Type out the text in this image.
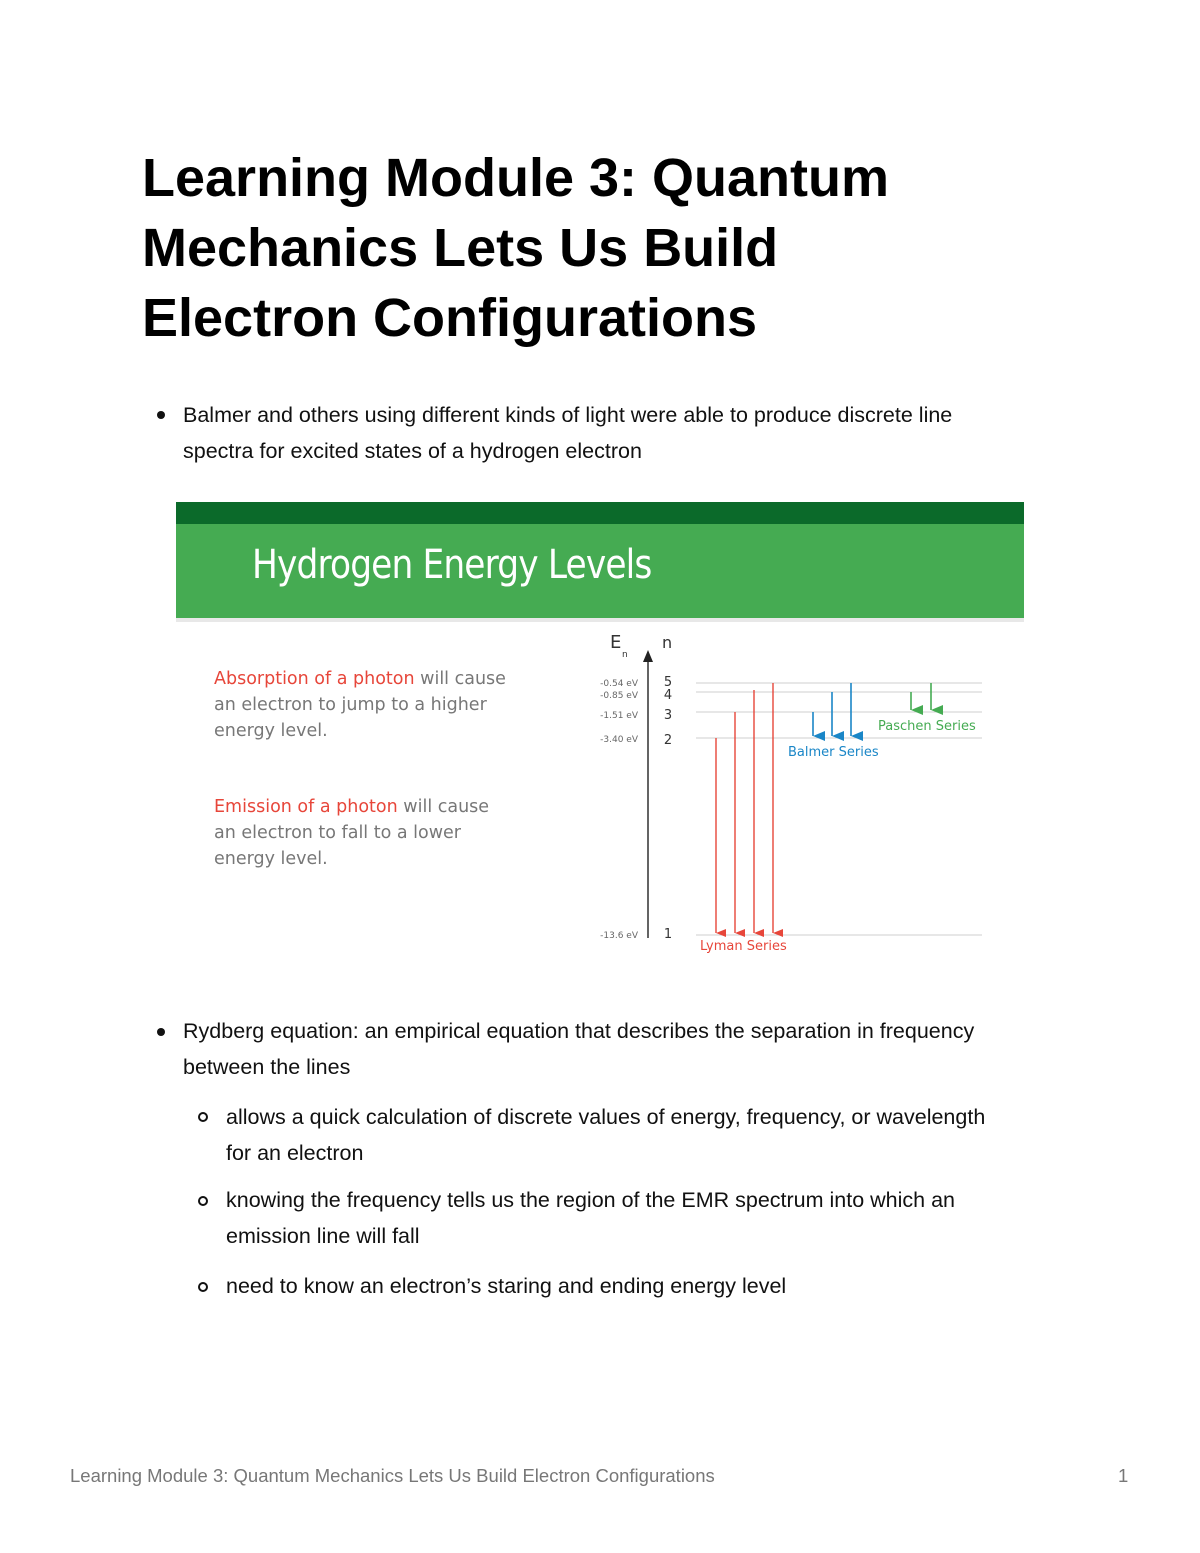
Learning Module 3: Quantum
Mechanics Lets Us Build
Electron Configurations
Balmer and others using different kinds of light were able to produce discrete line
spectra for excited states of a hydrogen electron
Hydrogen Energy Levels
Absorption of a photon will cause
an electron to jump to a higher
energy level.
Emission of a photon will cause
an electron to fall to a lower
energy level.
E
n
n
-0.54 eV
-0.85 eV
-1.51 eV
-3.40 eV
-13.6 eV
5
4
3
2
1
Lyman Series
Balmer Series
Paschen Series
Rydberg equation: an empirical equation that describes the separation in frequency
between the lines
allows a quick calculation of discrete values of energy, frequency, or wavelength
for an electron
knowing the frequency tells us the region of the EMR spectrum into which an
emission line will fall
need to know an electron’s staring and ending energy level
Learning Module 3: Quantum Mechanics Lets Us Build Electron Configurations	1
